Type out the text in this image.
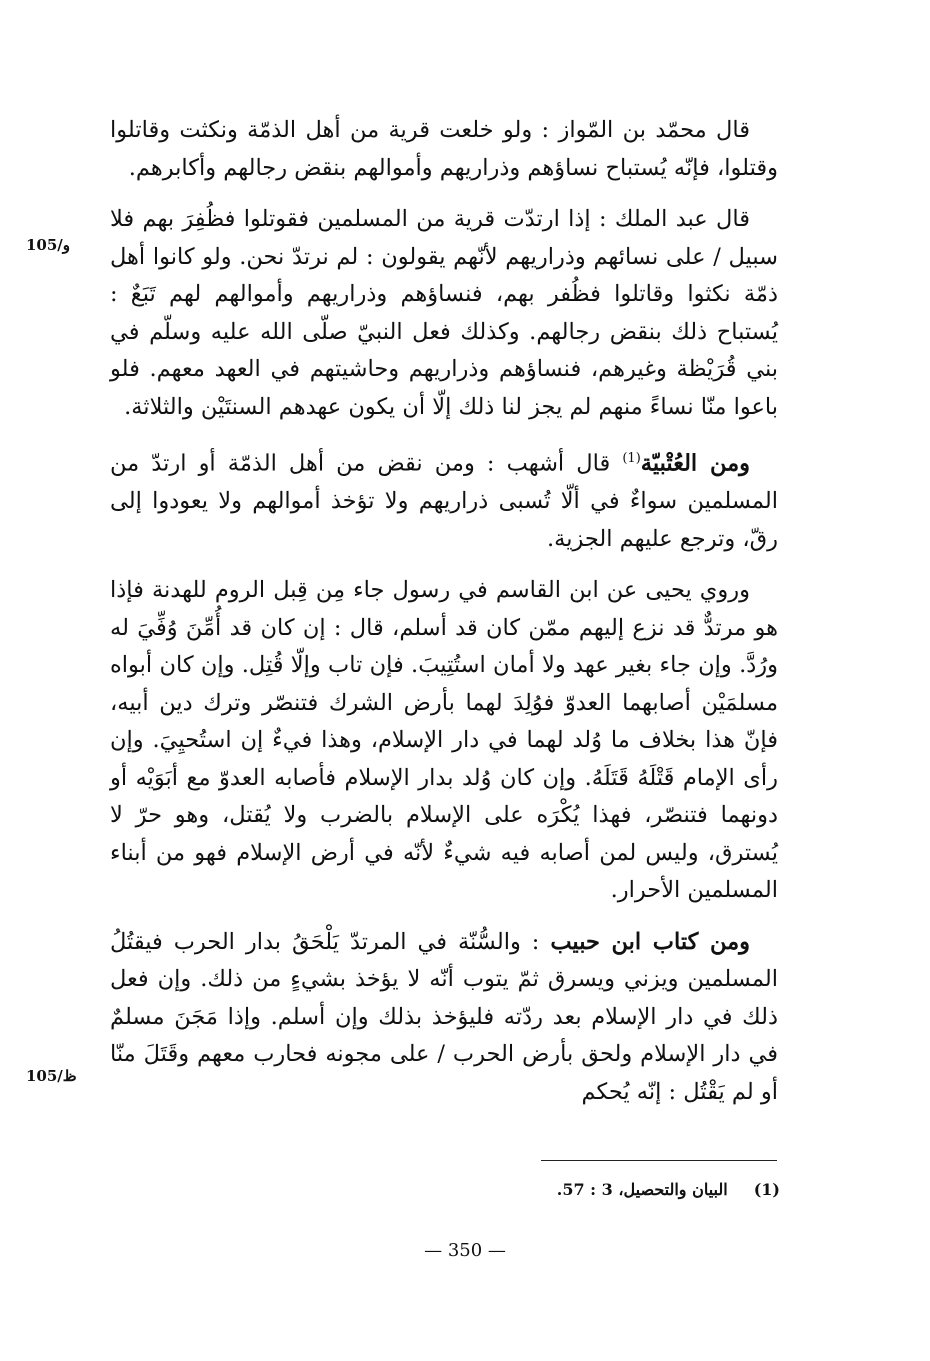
105/و
105/ظ
قال محمّد بن المّواز : ولو خلعت قرية من أهل الذمّة ونكثت وقاتلوا وقتلوا، فإنّه يُستباح نساؤهم وذراريهم وأموالهم بنقض رجالهم وأكابرهم.
قال عبد الملك : إذا ارتدّت قرية من المسلمين فقوتلوا فظُفِرَ بهم فلا سبيل / على نسائهم وذراريهم لأنّهم يقولون : لم نرتدّ نحن. ولو كانوا أهل ذمّة نكثوا وقاتلوا فظُفر بهم، فنساؤهم وذراريهم وأموالهم لهم تَبَعٌ : يُستباح ذلك بنقض رجالهم. وكذلك فعل النبيّ صلّى الله عليه وسلّم في بني قُرَيْظة وغيرهم، فنساؤهم وذراريهم وحاشيتهم في العهد معهم. فلو باعوا منّا نساءً منهم لم يجز لنا ذلك إلّا أن يكون عهدهم السنتَيْن والثلاثة.
ومن العُتْبيّة$^{(1)}$ قال أشهب : ومن نقض من أهل الذمّة أو ارتدّ من المسلمين سواءٌ في ألّا تُسبى ذراريهم ولا تؤخذ أموالهم ولا يعودوا إلى رقّ، وترجع عليهم الجزية.
وروي يحيى عن ابن القاسم في رسول جاء مِن قِبل الروم للهدنة فإذا هو مرتدٌّ قد نزع إليهم ممّن كان قد أسلم، قال : إن كان قد أُمِّنَ وُفِّيَ له ورُدَّ. وإن جاء بغير عهد ولا أمان استُتِيبَ. فإن تاب وإلّا قُتِل. وإن كان أبواه مسلمَيْن أصابهما العدوّ فوُلِدَ لهما بأرض الشرك فتنصّر وترك دين أبيه، فإنّ هذا بخلاف ما وُلد لهما في دار الإسلام، وهذا فيءٌ إن استُحيِيَ. وإن رأى الإمام قَتْلَهُ قَتَلَهُ. وإن كان وُلد بدار الإسلام فأصابه العدوّ مع أبَوَيْه أو دونهما فتنصّر، فهذا يُكْرَه على الإسلام بالضرب ولا يُقتل، وهو حرّ لا يُسترق، وليس لمن أصابه فيه شيءٌ لأنّه في أرض الإسلام فهو من أبناء المسلمين الأحرار.
ومن كتاب ابن حبيب : والسُّنّة في المرتدّ يَلْحَقُ بدار الحرب فيقتُلُ المسلمين ويزني ويسرق ثمّ يتوب أنّه لا يؤخذ بشيءٍ من ذلك. وإن فعل ذلك في دار الإسلام بعد ردّته فليؤخذ بذلك وإن أسلم. وإذا مَجَنَ مسلمٌ في دار الإسلام ولحق بأرض الحرب / على مجونه فحارب معهم وقَتَلَ منّا أو لم يَقْتُل : إنّه يُحكم
(1)البيان والتحصيل، 3 : 57.
— 350 —
